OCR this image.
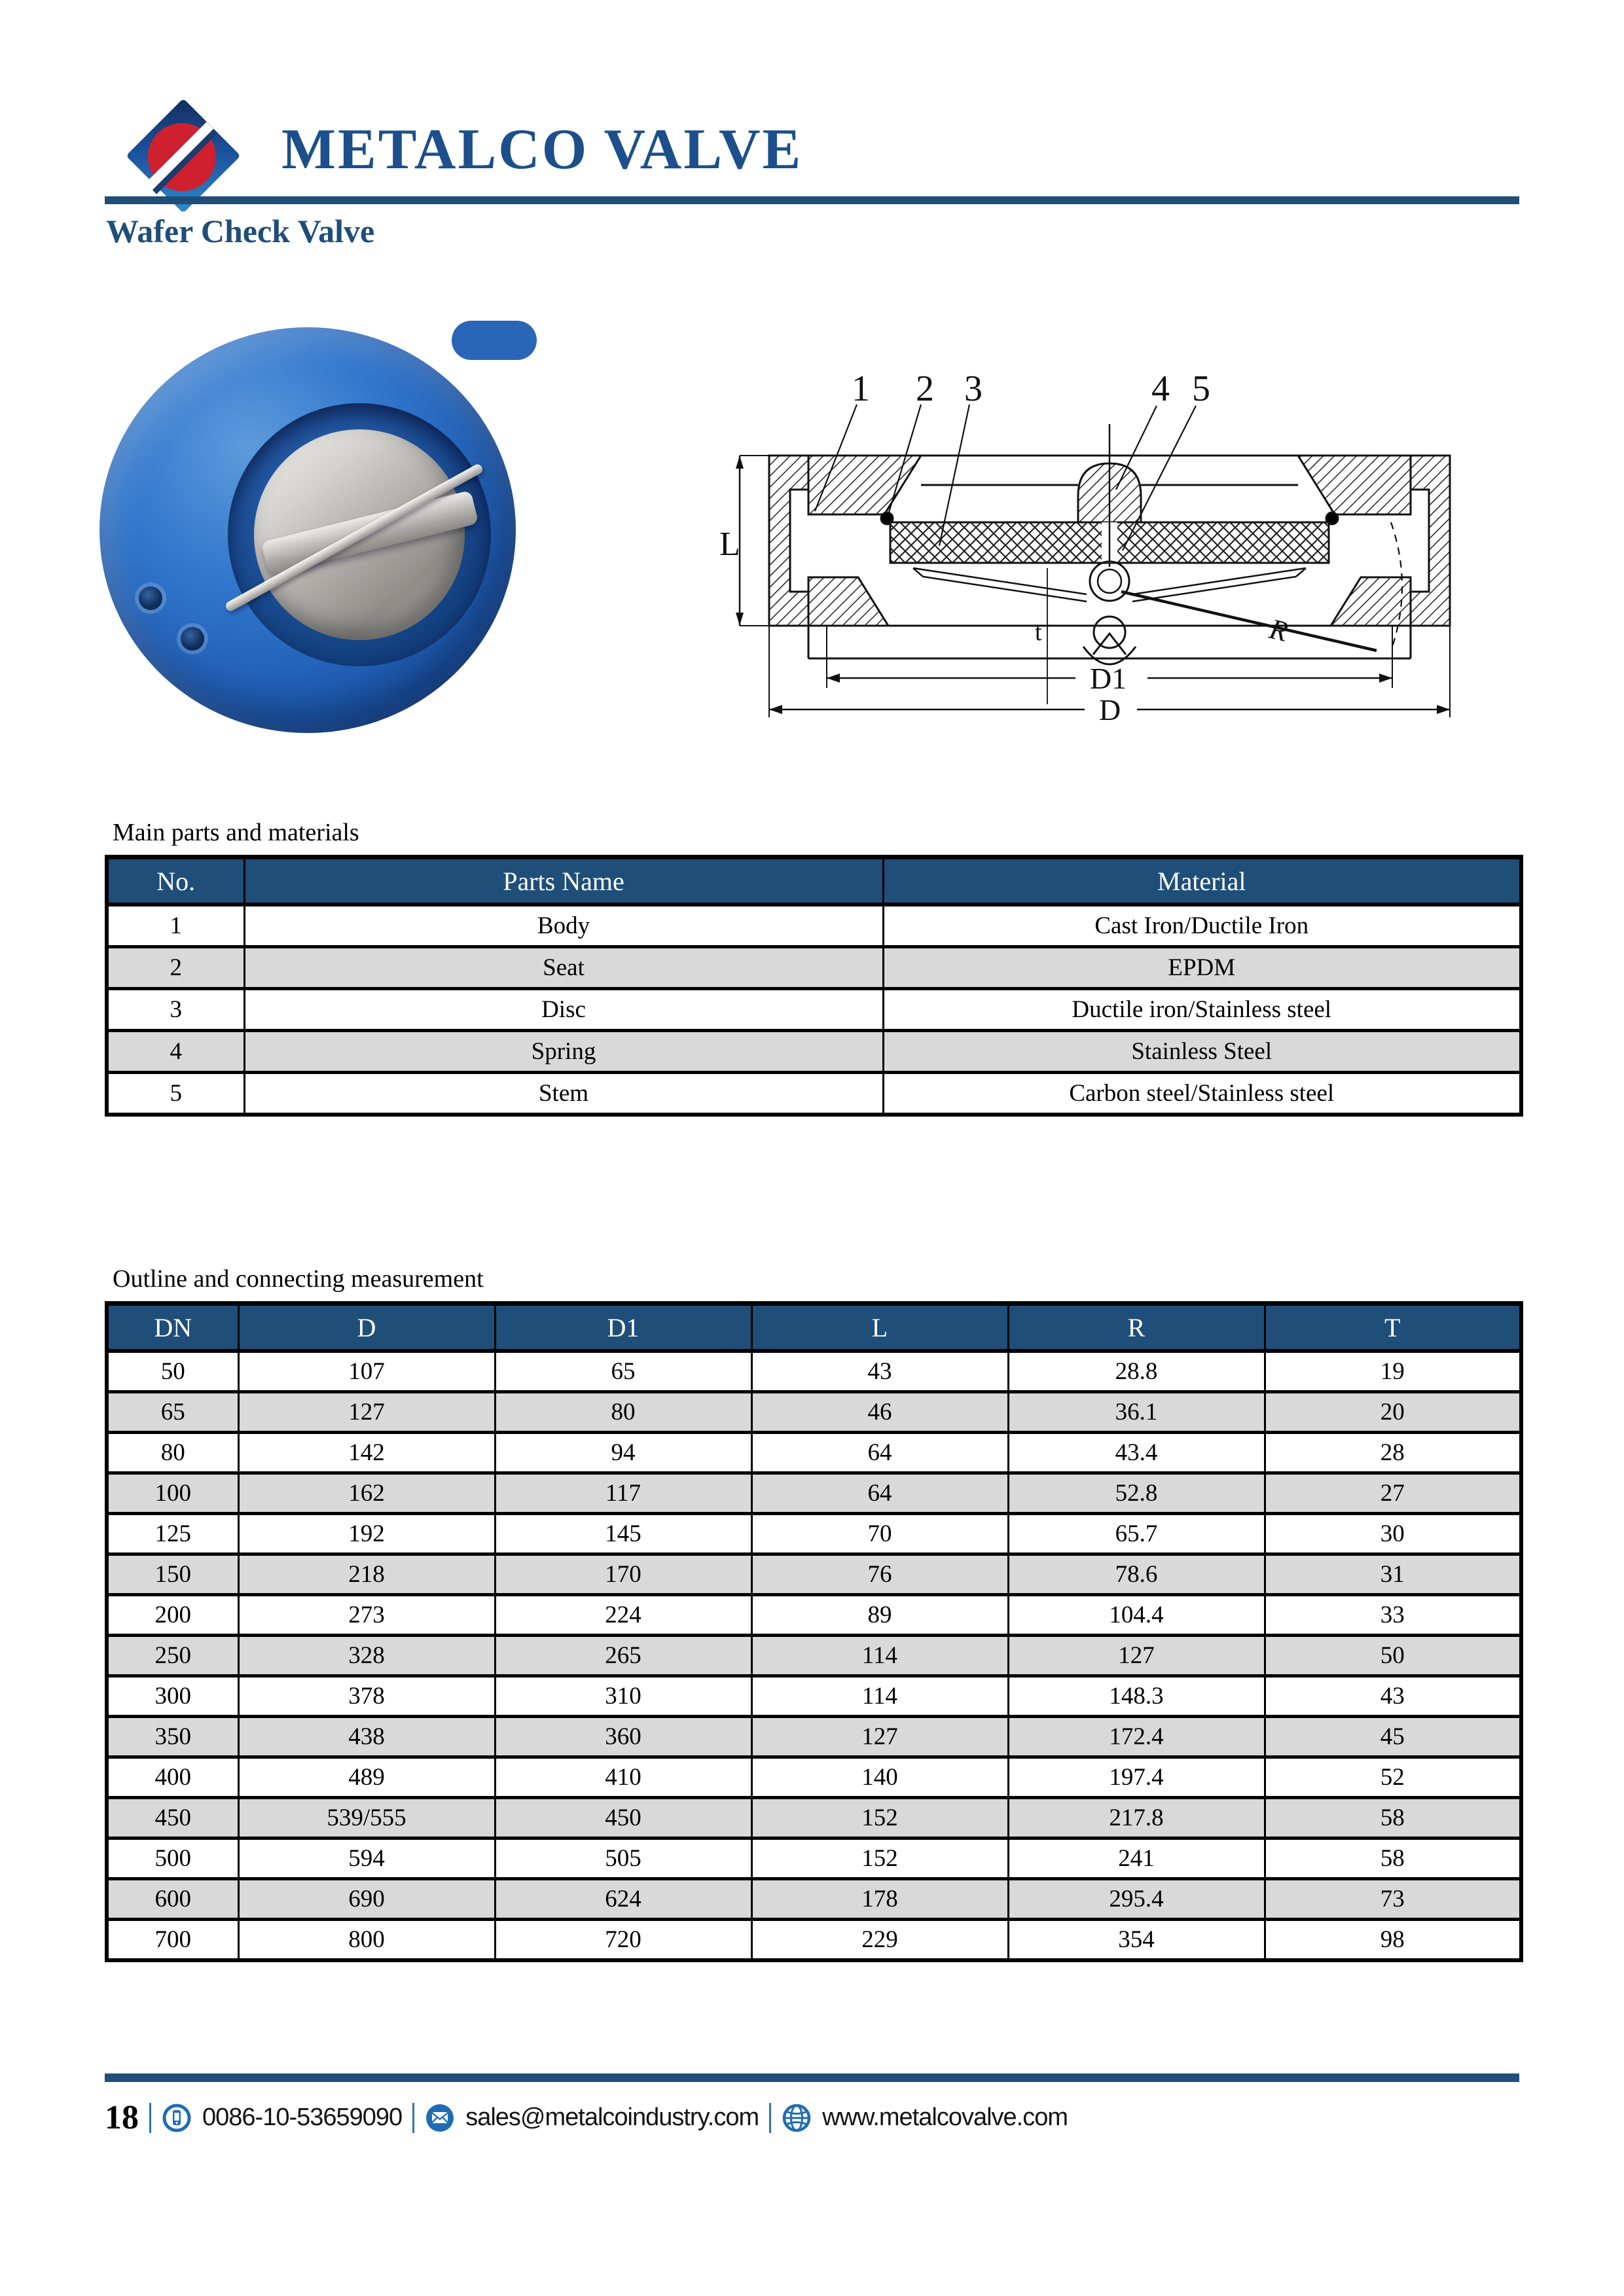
METALCO VALVE
Wafer Check Valve
1 2 3	4 5
L
t	R
D1
D
Main parts and materials
No.	Parts Name	Material
1	Body	Cast Iron/Ductile Iron
2	Seat	EPDM
3	Disc	Ductile iron/Stainless steel
4	Spring	Stainless Steel
5	Stem	Carbon steel/Stainless steel
Outline and connecting measurement
DN	D	D1	L	R	T
50	107	65	43	28.8	19
65	127	80	46	36.1	20
80	142	94	64	43.4	28
100	162	117	64	52.8	27
125	192	145	70	65.7	30
150	218	170	76	78.6	31
200	273	224	89	104.4	33
250	328	265	114	127	50
300	378	310	114	148.3	43
350	438	360	127	172.4	45
400	489	410	140	197.4	52
450	539/555	450	152	217.8	58
500	594	505	152	241	58
600	690	624	178	295.4	73
700	800	720	229	354	98
18	0086-10-53659090	sales@metalcoindustry.com	www.metalcovalve.com
